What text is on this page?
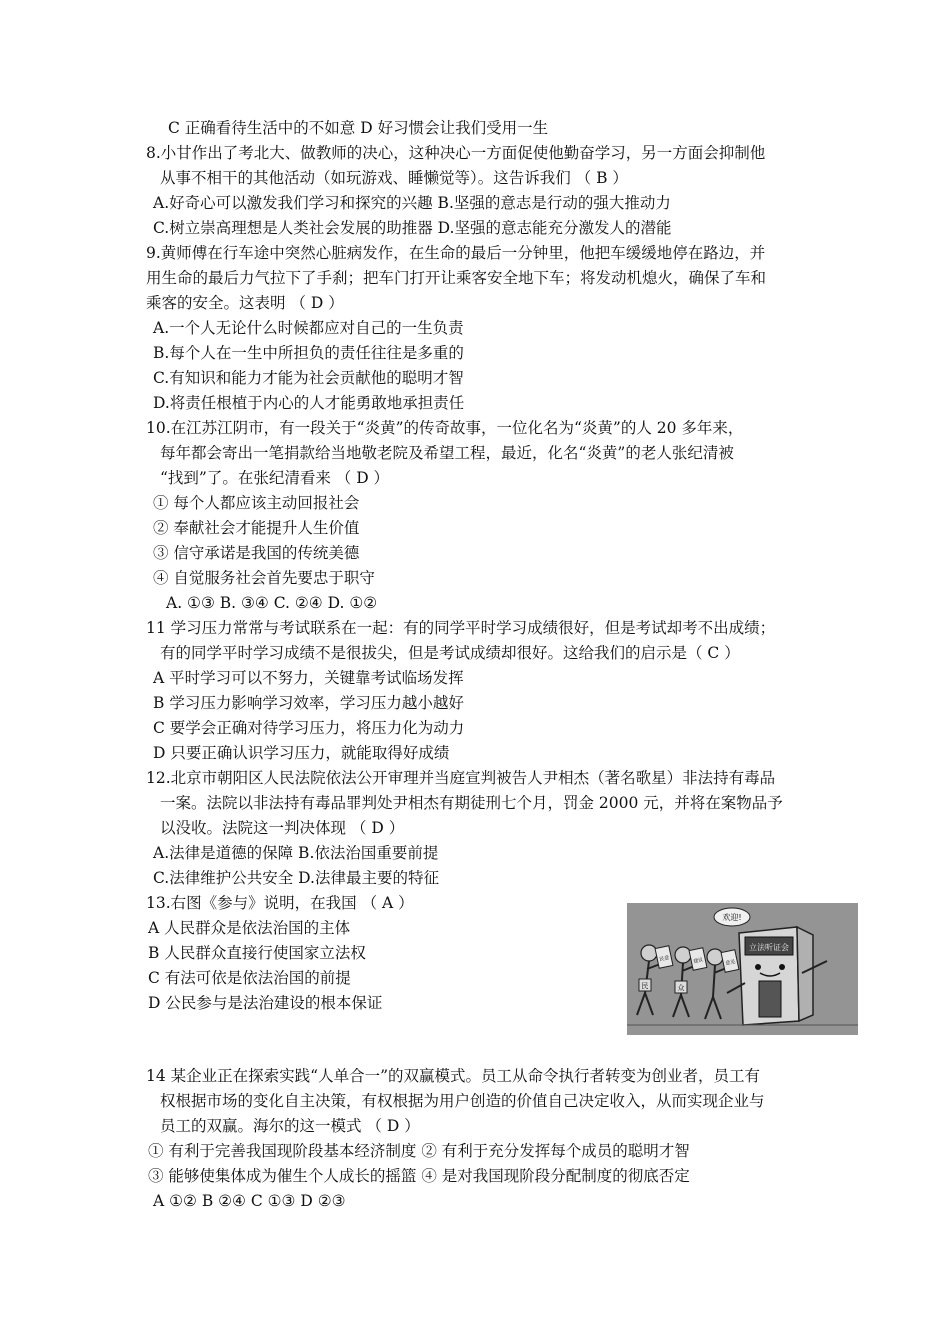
C 正确看待生活中的不如意 D 好习惯会让我们受用一生
8.小甘作出了考北大、做教师的决心，这种决心一方面促使他勤奋学习，另一方面会抑制他
从事不相干的其他活动（如玩游戏、睡懒觉等）。这告诉我们 （ B ）
A.好奇心可以激发我们学习和探究的兴趣 B.坚强的意志是行动的强大推动力
C.树立崇高理想是人类社会发展的助推器 D.坚强的意志能充分激发人的潜能
9.黄师傅在行车途中突然心脏病发作，在生命的最后一分钟里，他把车缓缓地停在路边，并
用生命的最后力气拉下了手刹；把车门打开让乘客安全地下车；将发动机熄火，确保了车和
乘客的安全。这表明 （ D ）
A.一个人无论什么时候都应对自己的一生负责
B.每个人在一生中所担负的责任往往是多重的
C.有知识和能力才能为社会贡献他的聪明才智
D.将责任根植于内心的人才能勇敢地承担责任
10.在江苏江阴市，有一段关于“炎黄”的传奇故事，一位化名为“炎黄”的人 20 多年来，
每年都会寄出一笔捐款给当地敬老院及希望工程，最近，化名“炎黄”的老人张纪清被
“找到”了。在张纪清看来 （ D ）
① 每个人都应该主动回报社会
② 奉献社会才能提升人生价值
③ 信守承诺是我国的传统美德
④ 自觉服务社会首先要忠于职守
A. ①③ B. ③④ C. ②④ D. ①②
11 学习压力常常与考试联系在一起：有的同学平时学习成绩很好，但是考试却考不出成绩；
有的同学平时学习成绩不是很拔尖，但是考试成绩却很好。这给我们的启示是（ C ）
A 平时学习可以不努力，关键靠考试临场发挥
B 学习压力影响学习效率，学习压力越小越好
C 要学会正确对待学习压力，将压力化为动力
D 只要正确认识学习压力，就能取得好成绩
12.北京市朝阳区人民法院依法公开审理并当庭宣判被告人尹相杰（著名歌星）非法持有毒品
一案。法院以非法持有毒品罪判处尹相杰有期徒刑七个月，罚金 2000 元，并将在案物品予
以没收。法院这一判决体现 （ D ）
A.法律是道德的保障 B.依法治国重要前提
C.法律维护公共安全 D.法律最主要的特征
13.右图《参与》说明，在我国 （ A ）
A 人民群众是依法治国的主体
B 人民群众直接行使国家立法权
C 有法可依是依法治国的前提
D 公民参与是法治建设的根本保证
14 某企业正在探索实践“人单合一”的双赢模式。员工从命令执行者转变为创业者，员工有
权根据市场的变化自主决策，有权根据为用户创造的价值自己决定收入，从而实现企业与
员工的双赢。海尔的这一模式 （ D ）
① 有利于完善我国现阶段基本经济制度 ② 有利于充分发挥每个成员的聪明才智
③ 能够使集体成为催生个人成长的摇篮 ④ 是对我国现阶段分配制度的彻底否定
A ①② B ②④ C ①③ D ②③
立法听证会
欢迎!
民意	建议	意见
民	众
